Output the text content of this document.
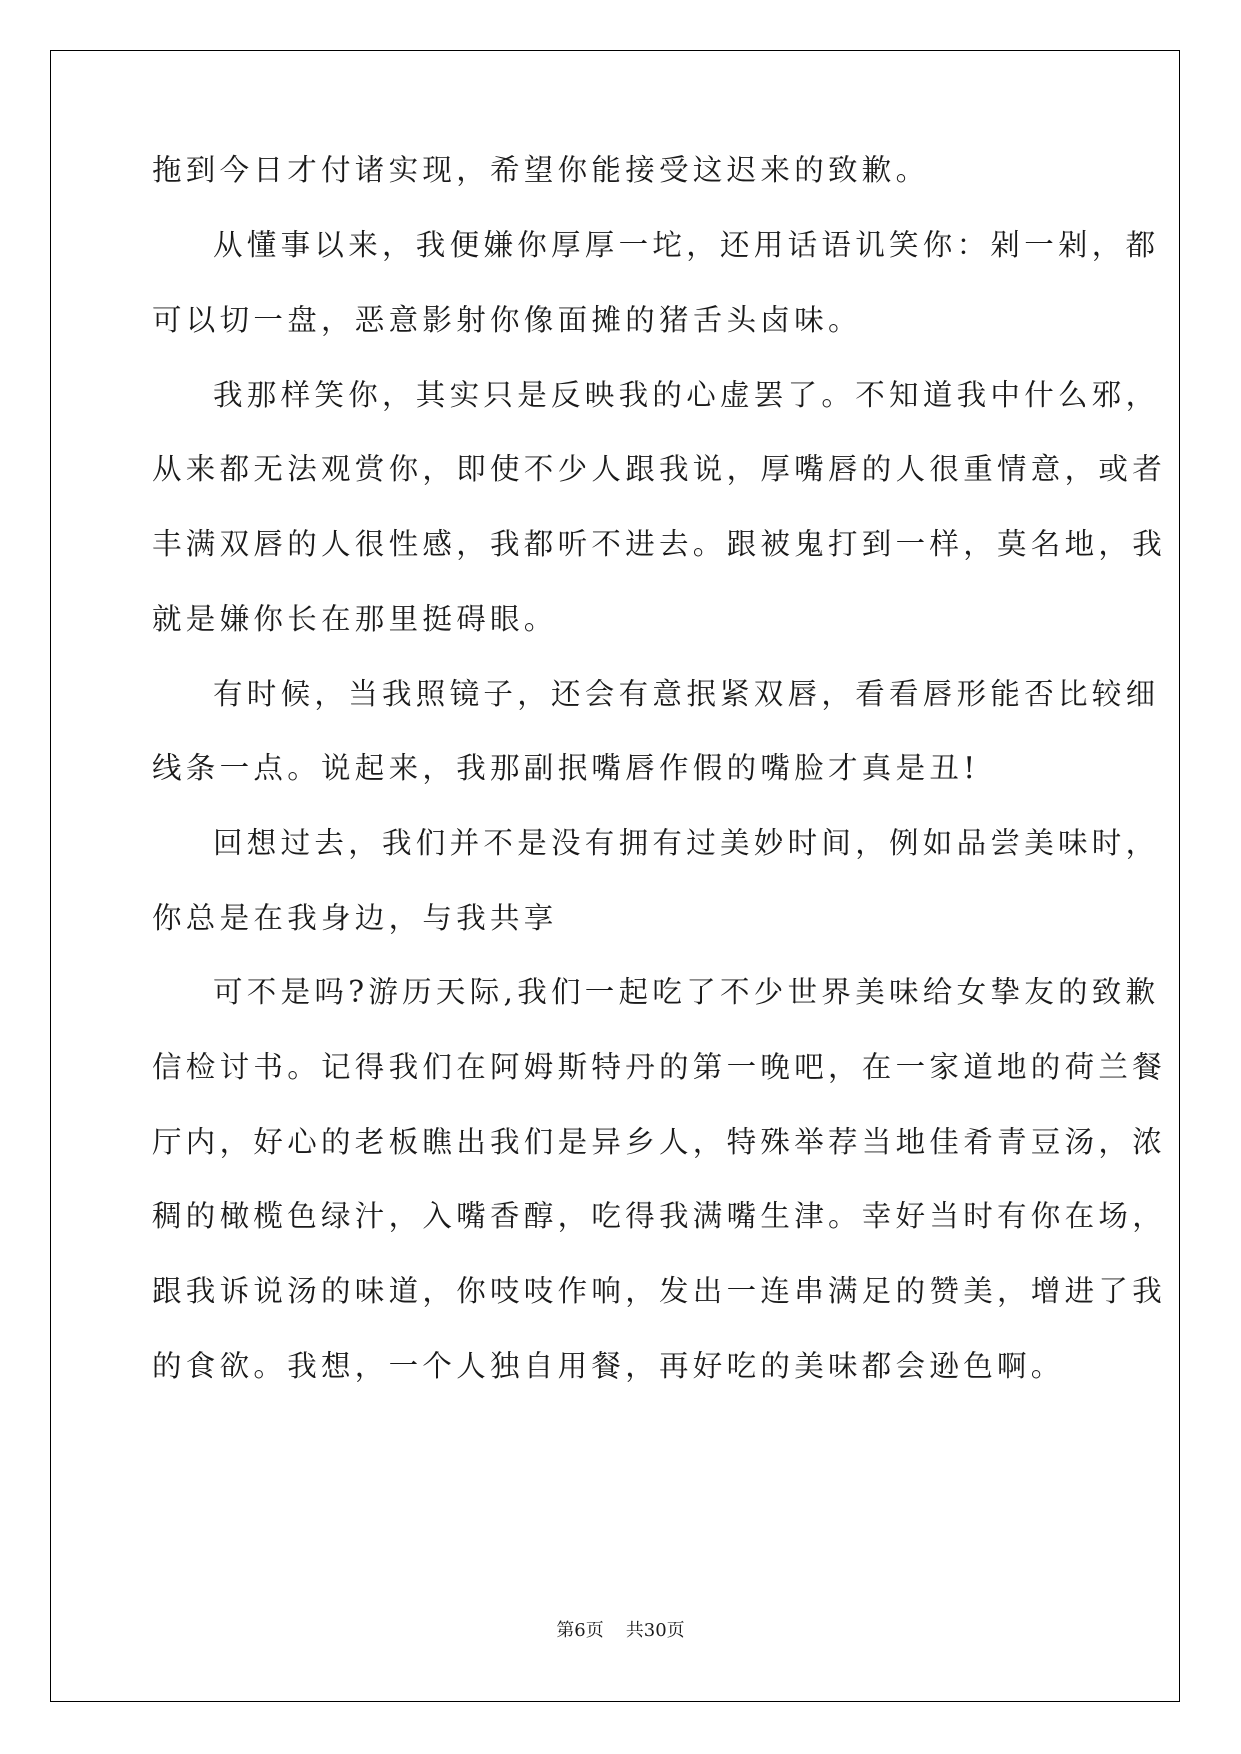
拖到今日才付诸实现，希望你能接受这迟来的致歉。

从懂事以来，我便嫌你厚厚一坨，还用话语讥笑你：剁一剁，都

可以切一盘，恶意影射你像面摊的猪舌头卤味。

我那样笑你，其实只是反映我的心虚罢了。不知道我中什么邪，

从来都无法观赏你，即使不少人跟我说，厚嘴唇的人很重情意，或者

丰满双唇的人很性感，我都听不进去。跟被鬼打到一样，莫名地，我

就是嫌你长在那里挺碍眼。

有时候，当我照镜子，还会有意抿紧双唇，看看唇形能否比较细

线条一点。说起来，我那副抿嘴唇作假的嘴脸才真是丑!

回想过去，我们并不是没有拥有过美妙时间，例如品尝美味时，

你总是在我身边，与我共享

可不是吗?游历天际,我们一起吃了不少世界美味给女挚友的致歉

信检讨书。记得我们在阿姆斯特丹的第一晚吧，在一家道地的荷兰餐

厅内，好心的老板瞧出我们是异乡人，特殊举荐当地佳肴青豆汤，浓

稠的橄榄色绿汁，入嘴香醇，吃得我满嘴生津。幸好当时有你在场，

跟我诉说汤的味道，你吱吱作响，发出一连串满足的赞美，增进了我

的食欲。我想，一个人独自用餐，再好吃的美味都会逊色啊。

第6页 共30页
